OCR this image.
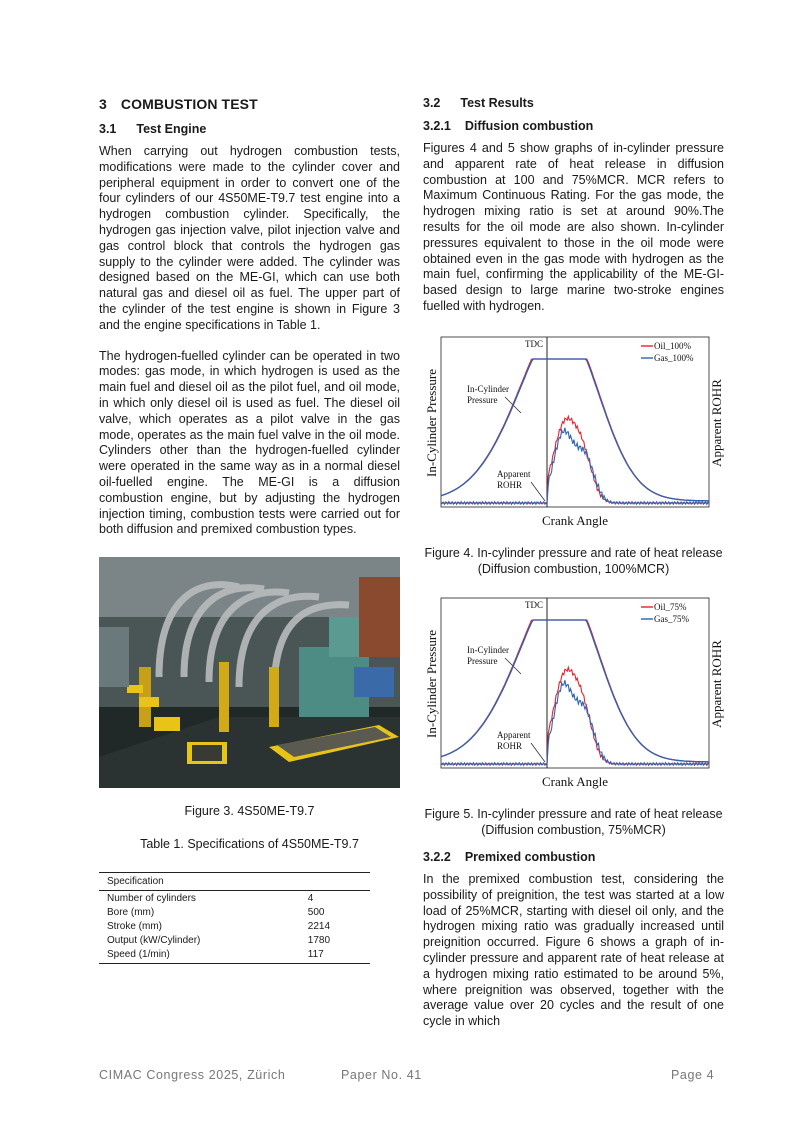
3 COMBUSTION TEST
3.1 Test Engine

When carrying out hydrogen combustion tests, modifications were made to the cylinder cover and peripheral equipment in order to convert one of the four cylinders of our 4S50ME-T9.7 test engine into a hydrogen combustion cylinder. Specifically, the hydrogen gas injection valve, pilot injection valve and gas control block that controls the hydrogen gas supply to the cylinder were added. The cylinder was designed based on the ME-GI, which can use both natural gas and diesel oil as fuel. The upper part of the cylinder of the test engine is shown in Figure 3 and the engine specifications in Table 1.

The hydrogen-fuelled cylinder can be operated in two modes: gas mode, in which hydrogen is used as the main fuel and diesel oil as the pilot fuel, and oil mode, in which only diesel oil is used as fuel. The diesel oil valve, which operates as a pilot valve in the gas mode, operates as the main fuel valve in the oil mode. Cylinders other than the hydrogen-fuelled cylinder were operated in the same way as in a normal diesel oil-fuelled engine. The ME-GI is a diffusion combustion engine, but by adjusting the hydrogen injection timing, combustion tests were carried out for both diffusion and premixed combustion types.

Figure 3. 4S50ME-T9.7

Table 1. Specifications of 4S50ME-T9.7

Specification	
Number of cylinders	4
Bore (mm)	500
Stroke (mm)	2214
Output (kW/Cylinder)	1780
Speed (1/min)	117
3.2 Test Results
3.2.1 Diffusion combustion

Figures 4 and 5 show graphs of in-cylinder pressure and apparent rate of heat release in diffusion combustion at 100 and 75%MCR. MCR refers to Maximum Continuous Rating. For the gas mode, the hydrogen mixing ratio is set at around 90%.The results for the oil mode are also shown. In-cylinder pressures equivalent to those in the oil mode were obtained even in the gas mode with hydrogen as the main fuel, confirming the applicability of the ME-GI-based design to large marine two-stroke engines fuelled with hydrogen.

TDC
Crank Angle
In-Cylinder Pressure	Apparent ROHR
In-Cylinder
Pressure
Apparent
ROHR
Oil_100%
Gas_100%

Figure 4. In-cylinder pressure and rate of heat release (Diffusion combustion, 100%MCR)

TDC
Crank Angle
In-Cylinder Pressure	Apparent ROHR
In-Cylinder
Pressure
Apparent
ROHR
Oil_75%
Gas_75%

Figure 5. In-cylinder pressure and rate of heat release (Diffusion combustion, 75%MCR)

3.2.2 Premixed combustion

In the premixed combustion test, considering the possibility of preignition, the test was started at a low load of 25%MCR, starting with diesel oil only, and the hydrogen mixing ratio was gradually increased until preignition occurred. Figure 6 shows a graph of in-cylinder pressure and apparent rate of heat release at a hydrogen mixing ratio estimated to be around 5%, where preignition was observed, together with the average value over 20 cycles and the result of one cycle in which

CIMAC Congress 2025, Zürich	Paper No. 41	Page 4
